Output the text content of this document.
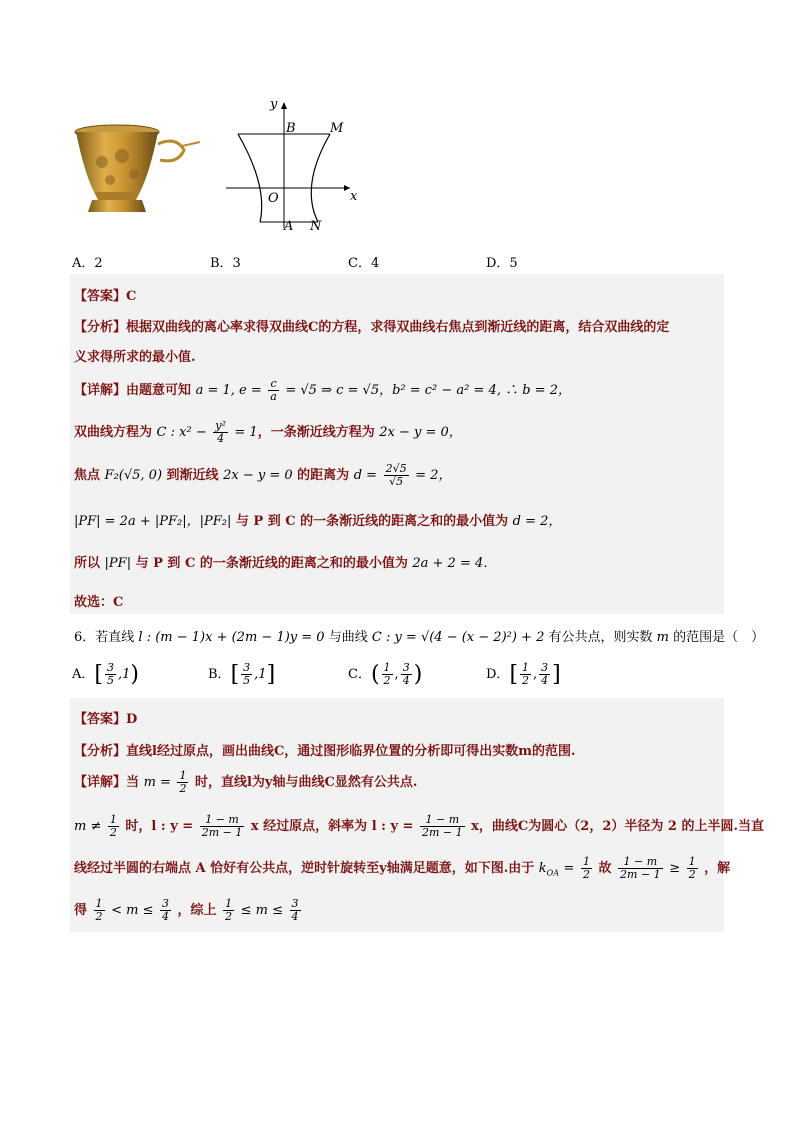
y
x
B	M
O
A N
A．2	B．3	C．4	D．5
【答案】C
【分析】根据双曲线的离心率求得双曲线C的方程，求得双曲线右焦点到渐近线的距离，结合双曲线的定
义求得所求的最小值.
【详解】由题意可知 a = 1, $e = \frac{c}{a} = √5$ ⇒ c = √5，b² = c² − a² = 4, ∴ b = 2，
双曲线方程为 C : $x^2 - \frac{\text{y²}}{4} = 1$，一条渐近线方程为 2x − y = 0，
焦点 F₂(√5, 0) 到渐近线 2x − y = 0 的距离为 $d = \frac{2√5}{√5} = 2$，
|PF| = 2a + |PF₂|，|PF₂| 与 P 到 C 的一条渐近线的距离之和的最小值为 d = 2，
所以 |PF| 与 P 到 C 的一条渐近线的距离之和的最小值为 2a + 2 = 4．
故选：C
6．若直线 l : (m − 1)x + (2m − 1)y = 0 与曲线 C : y = √(4 − (x − 2)²) + 2 有公共点，则实数 m 的范围是（　）
A．[ $\frac{3}{5} ,1$)	B．[ $\frac{3}{5} ,1$]	C．( $\frac{1}{2}$ , $\frac{3}{4}$ )	D．[ $\frac{1}{2}$ , $\frac{3}{4}$ ]
【答案】D
【分析】直线l经过原点，画出曲线C，通过图形临界位置的分析即可得出实数m的范围.
【详解】当 $m = \frac{1}{2}$ 时，直线l为y轴与曲线C显然有公共点.
$m \ne \frac{1}{2}$ 时，l : $y = \frac{1 - m}{2m - 1}$ x 经过原点，斜率为 l : $y = \frac{1 - m}{2m - 1}$ x，曲线C为圆心（2，2）半径为 2 的上半圆.当直
线经过半圆的右端点 A 恰好有公共点，逆时针旋转至y轴满足题意，如下图.由于 $k_{OA} = \frac{1}{2}$ 故 $\frac{1 - m}{2m - 1} \ge \frac{1}{2}$ ，解
得 $\frac{1}{2} < m \le \frac{3}{4}$ ，综上 $\frac{1}{2} \le m \le \frac{3}{4}$
